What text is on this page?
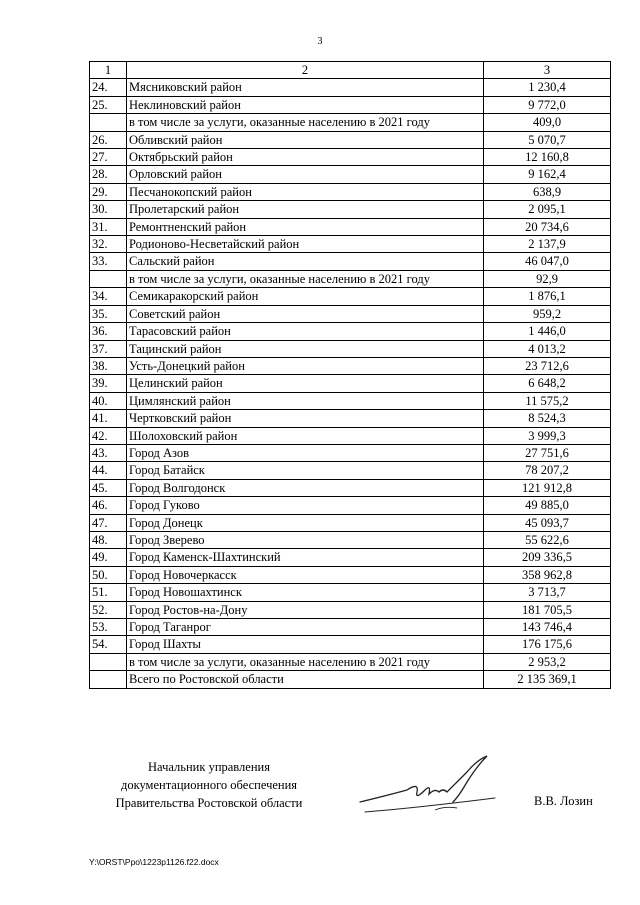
3
1	2	3
24.	Мясниковский район	1 230,4
25.	Неклиновский район	9 772,0
	в том числе за услуги, оказанные населению в 2021 году	409,0
26.	Обливский район	5 070,7
27.	Октябрьский район	12 160,8
28.	Орловский район	9 162,4
29.	Песчанокопский район	638,9
30.	Пролетарский район	2 095,1
31.	Ремонтненский район	20 734,6
32.	Родионово-Несветайский район	2 137,9
33.	Сальский район	46 047,0
	в том числе за услуги, оказанные населению в 2021 году	92,9
34.	Семикаракорский район	1 876,1
35.	Советский район	959,2
36.	Тарасовский район	1 446,0
37.	Тацинский район	4 013,2
38.	Усть-Донецкий район	23 712,6
39.	Целинский район	6 648,2
40.	Цимлянский район	11 575,2
41.	Чертковский район	8 524,3
42.	Шолоховский район	3 999,3
43.	Город Азов	27 751,6
44.	Город Батайск	78 207,2
45.	Город Волгодонск	121 912,8
46.	Город Гуково	49 885,0
47.	Город Донецк	45 093,7
48.	Город Зверево	55 622,6
49.	Город Каменск-Шахтинский	209 336,5
50.	Город Новочеркасск	358 962,8
51.	Город Новошахтинск	3 713,7
52.	Город Ростов-на-Дону	181 705,5
53.	Город Таганрог	143 746,4
54.	Город Шахты	176 175,6
	в том числе за услуги, оказанные населению в 2021 году	2 953,2
	Всего по Ростовской области	2 135 369,1
Начальник управления
документационного обеспечения
Правительства Ростовской области	В.В. Лозин
Y:\ORST\Ppo\1223p1126.f22.docx
